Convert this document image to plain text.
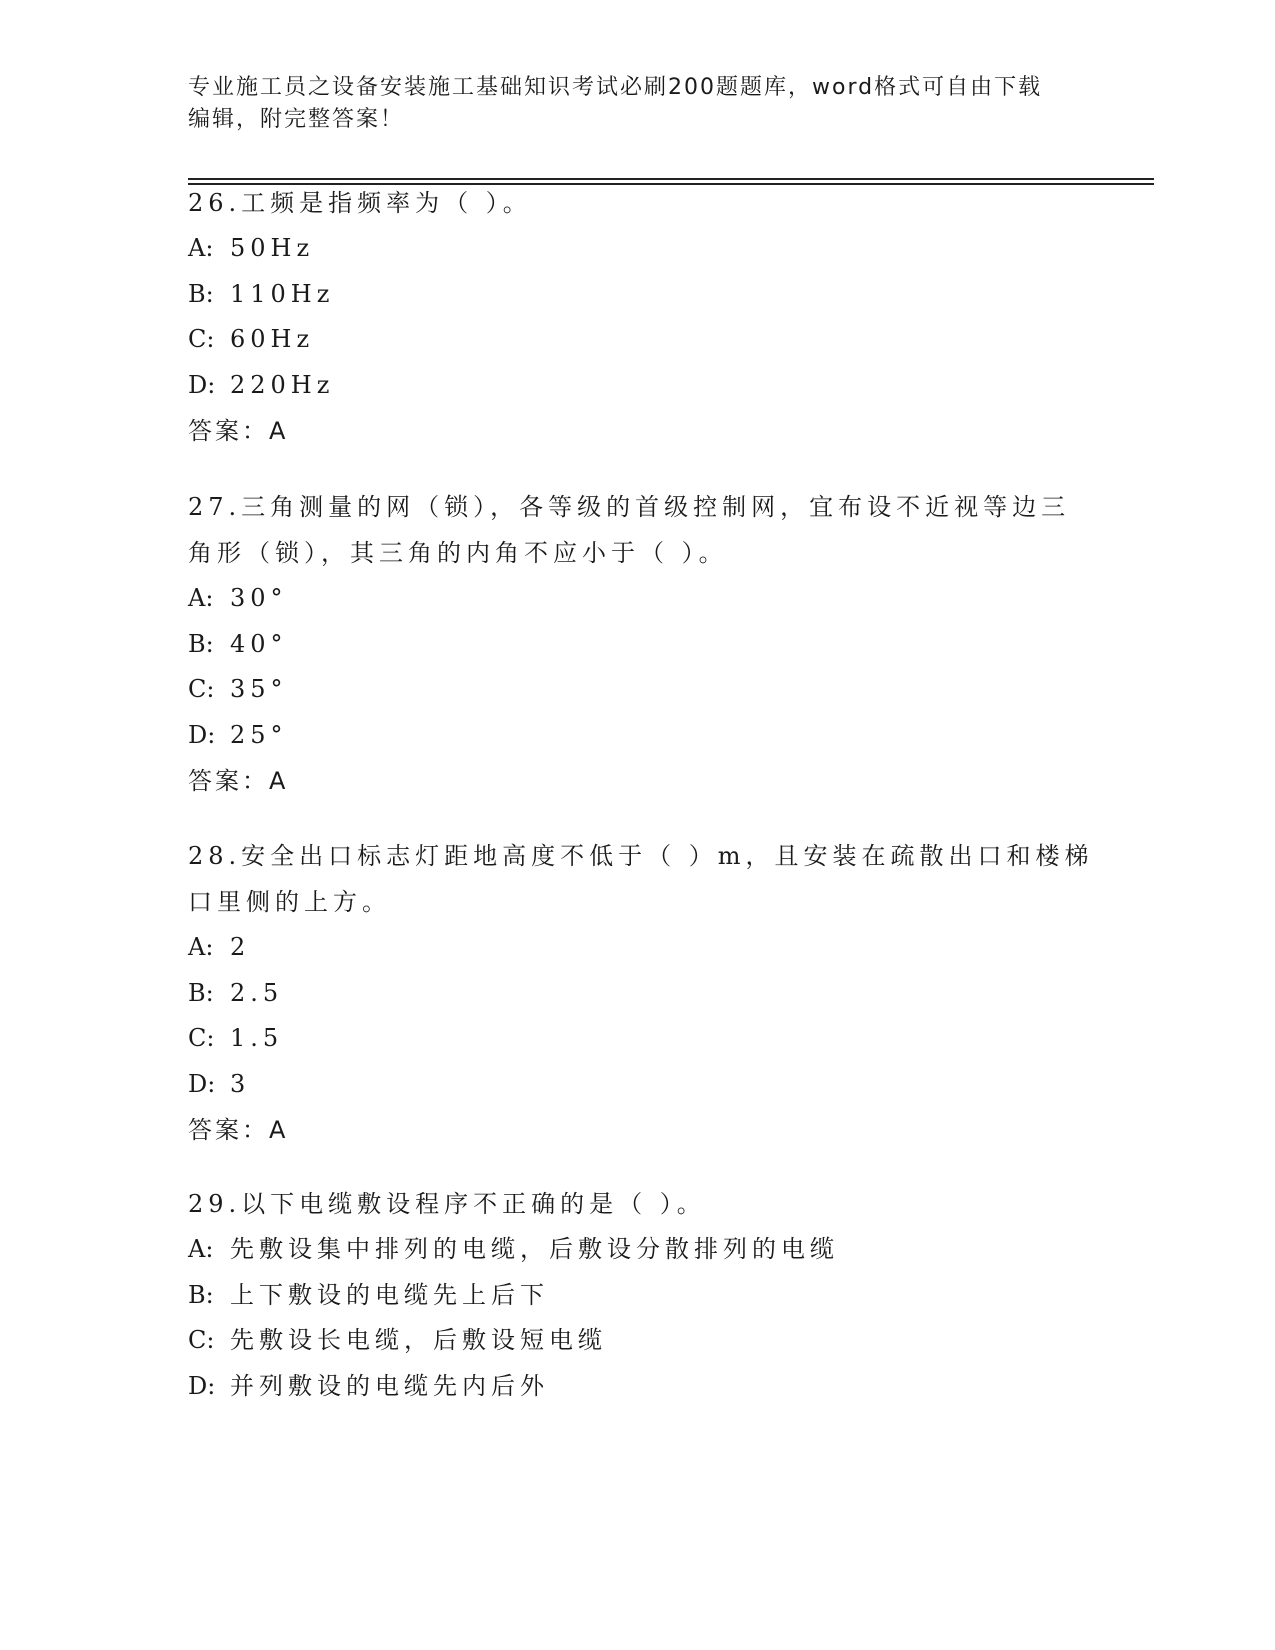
专业施工员之设备安装施工基础知识考试必刷200题题库，word格式可自由下载
编辑，附完整答案！
26.工频是指频率为（ ）。
A: 50Hz
B: 110Hz
C: 60Hz
D: 220Hz
答案：A
27.三角测量的网（锁），各等级的首级控制网，宜布设不近视等边三
角形（锁），其三角的内角不应小于（ ）。
A: 30°
B: 40°
C: 35°
D: 25°
答案：A
28.安全出口标志灯距地高度不低于（ ）m，且安装在疏散出口和楼梯
口里侧的上方。
A: 2
B: 2.5
C: 1.5
D: 3
答案：A
29.以下电缆敷设程序不正确的是（ ）。
A: 先敷设集中排列的电缆，后敷设分散排列的电缆
B: 上下敷设的电缆先上后下
C: 先敷设长电缆，后敷设短电缆
D: 并列敷设的电缆先内后外
